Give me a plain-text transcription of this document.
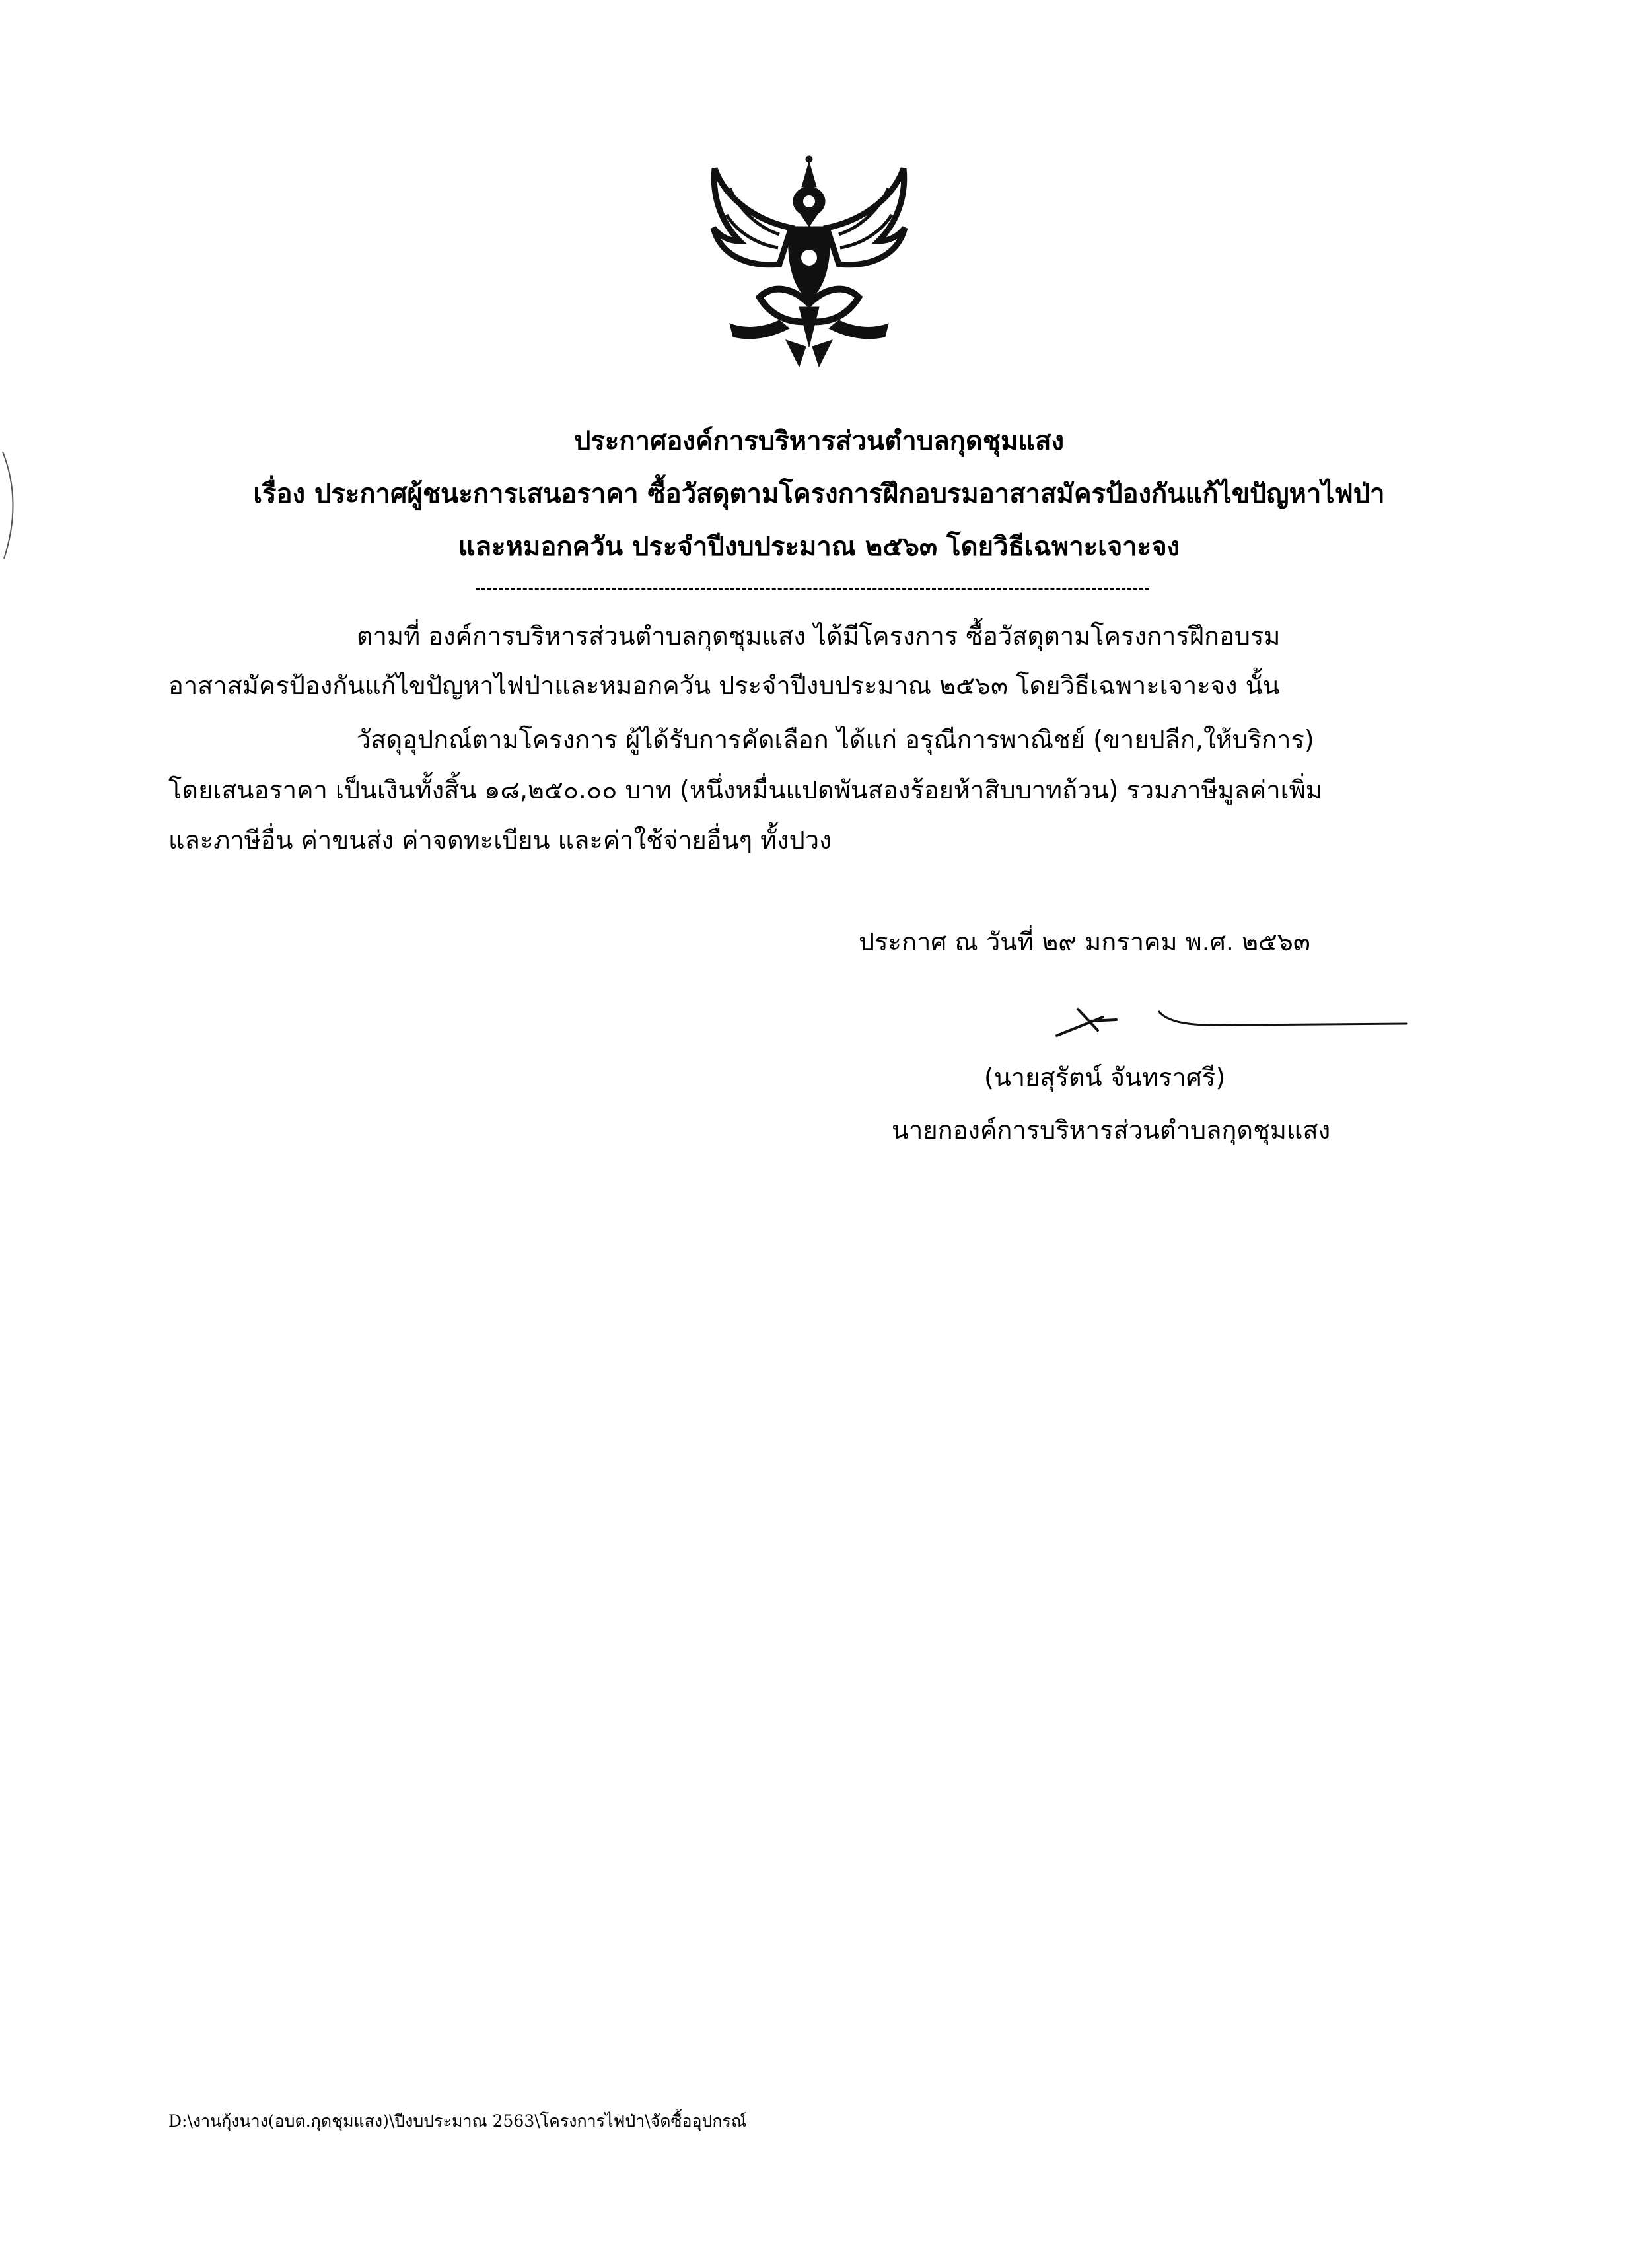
ประกาศองค์การบริหารส่วนตำบลกุดชุมแสง
เรื่อง ประกาศผู้ชนะการเสนอราคา ซื้อวัสดุตามโครงการฝึกอบรมอาสาสมัครป้องกันแก้ไขปัญหาไฟป่า
และหมอกควัน ประจำปีงบประมาณ ๒๕๖๓ โดยวิธีเฉพาะเจาะจง
ตามที่ องค์การบริหารส่วนตำบลกุดชุมแสง ได้มีโครงการ ซื้อวัสดุตามโครงการฝึกอบรม
อาสาสมัครป้องกันแก้ไขปัญหาไฟป่าและหมอกควัน ประจำปีงบประมาณ ๒๕๖๓ โดยวิธีเฉพาะเจาะจง นั้น
วัสดุอุปกณ์ตามโครงการ ผู้ได้รับการคัดเลือก ได้แก่ อรุณีการพาณิชย์ (ขายปลีก,ให้บริการ)
โดยเสนอราคา เป็นเงินทั้งสิ้น ๑๘,๒๕๐.๐๐ บาท (หนึ่งหมื่นแปดพันสองร้อยห้าสิบบาทถ้วน) รวมภาษีมูลค่าเพิ่ม
และภาษีอื่น ค่าขนส่ง ค่าจดทะเบียน และค่าใช้จ่ายอื่นๆ ทั้งปวง
ประกาศ ณ วันที่ ๒๙ มกราคม พ.ศ. ๒๕๖๓
(นายสุรัตน์ จันทราศรี)
นายกองค์การบริหารส่วนตำบลกุดชุมแสง
D:\งานกุ้งนาง(อบต.กุดชุมแสง)\ปีงบประมาณ 2563\โครงการไฟป่า\จัดซื้ออุปกรณ์
